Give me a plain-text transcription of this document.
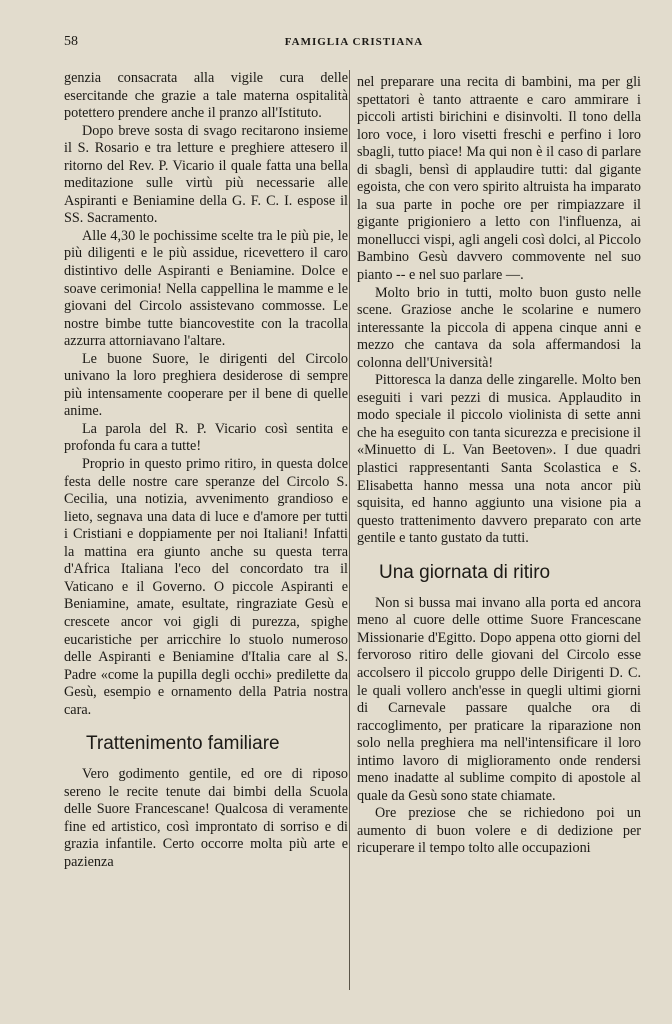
58	FAMIGLIA CRISTIANA

genzia consacrata alla vigile cura delle esercitande che grazie a tale materna ospitalità potettero prendere anche il pranzo all'Istituto.

Dopo breve sosta di svago recitarono insieme il S. Rosario e tra letture e preghiere attesero il ritorno del Rev. P. Vicario il quale fatta una bella meditazione sulle virtù più necessarie alle Aspiranti e Beniamine della G. F. C. I. espose il SS. Sacramento.

Alle 4,30 le pochissime scelte tra le più pie, le più diligenti e le più assidue, ricevettero il caro distintivo delle Aspiranti e Beniamine. Dolce e soave cerimonia! Nella cappellina le mamme e le giovani del Circolo assistevano commosse. Le nostre bimbe tutte biancovestite con la tracolla azzurra attorniavano l'altare.

Le buone Suore, le dirigenti del Circolo univano la loro preghiera desiderose di sempre più intensamente cooperare per il bene di quelle anime.

La parola del R. P. Vicario così sentita e profonda fu cara a tutte!

Proprio in questo primo ritiro, in questa dolce festa delle nostre care speranze del Circolo S. Cecilia, una notizia, avvenimento grandioso e lieto, segnava una data di luce e d'amore per tutti i Cristiani e doppiamente per noi Italiani! Infatti la mattina era giunto anche su questa terra d'Africa Italiana l'eco del concordato tra il Vaticano e il Governo. O piccole Aspiranti e Beniamine, amate, esultate, ringraziate Gesù e crescete ancor voi gigli di purezza, spighe eucaristiche per arricchire lo stuolo numeroso delle Aspiranti e Beniamine d'Italia care al S. Padre «come la pupilla degli occhi» predilette da Gesù, esempio e ornamento della Patria nostra cara.

Trattenimento familiare

Vero godimento gentile, ed ore di riposo sereno le recite tenute dai bimbi della Scuola delle Suore Francescane! Qualcosa di veramente fine ed artistico, così improntato di sorriso e di grazia infantile. Certo occorre molta più arte e pazienza

nel preparare una recita di bambini, ma per gli spettatori è tanto attraente e caro ammirare i piccoli artisti birichini e disinvolti. Il tono della loro voce, i loro visetti freschi e perfino i loro sbagli, tutto piace! Ma qui non è il caso di parlare di sbagli, bensì di applaudire tutti: dal gigante egoista, che con vero spirito altruista ha imparato la sua parte in poche ore per rimpiazzare il gigante prigioniero a letto con l'influenza, ai monellucci vispi, agli angeli così dolci, al Piccolo Bambino Gesù davvero commovente nel suo pianto -- e nel suo parlare —.

Molto brio in tutti, molto buon gusto nelle scene. Graziose anche le scolarine e numero interessante la piccola di appena cinque anni e mezzo che cantava da sola affermandosi la colonna dell'Università!

Pittoresca la danza delle zingarelle. Molto ben eseguiti i vari pezzi di musica. Applaudito in modo speciale il piccolo violinista di sette anni che ha eseguito con tanta sicurezza e precisione il «Minuetto di L. Van Beetoven». I due quadri plastici rappresentanti Santa Scolastica e S. Elisabetta hanno messa una nota ancor più squisita, ed hanno aggiunto una visione pia a questo trattenimento davvero preparato con arte gentile e tanto gustato da tutti.

Una giornata di ritiro

Non si bussa mai invano alla porta ed ancora meno al cuore delle ottime Suore Francescane Missionarie d'Egitto. Dopo appena otto giorni del fervoroso ritiro delle giovani del Circolo esse accolsero il piccolo gruppo delle Dirigenti D. C. le quali vollero anch'esse in quegli ultimi giorni di Carnevale passare qualche ora di raccoglimento, per praticare la riparazione non solo nella preghiera ma nell'intensificare il loro intimo lavoro di miglioramento onde rendersi meno inadatte al sublime compito di apostole al quale da Gesù sono state chiamate.

Ore preziose che se richiedono poi un aumento di buon volere e di dedizione per ricuperare il tempo tolto alle occupazioni
